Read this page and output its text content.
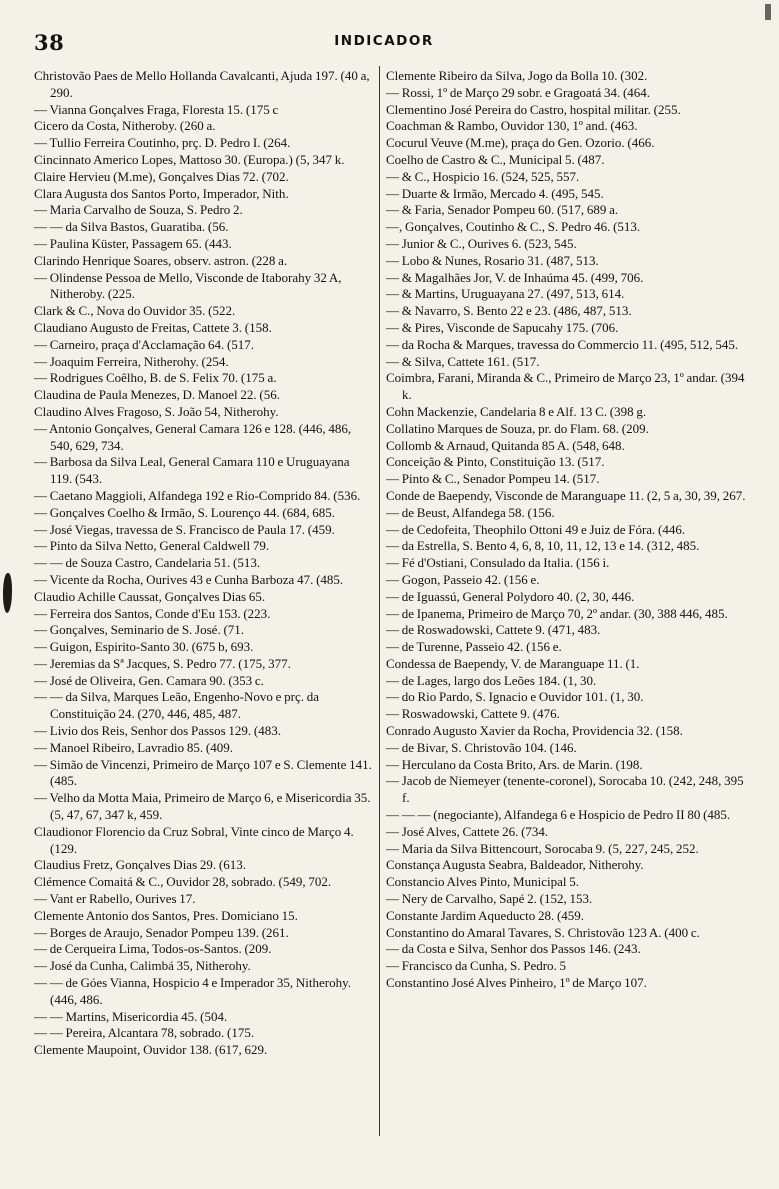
38	INDICADOR

Christovão Paes de Mello Hollanda Cavalcanti, Ajuda 197. (40 a, 290.

— Vianna Gonçalves Fraga, Floresta 15. (175 c

Cicero da Costa, Nitheroby. (260 a.

— Tullio Ferreira Coutinho, prç. D. Pedro I. (264.

Cincinnato Americo Lopes, Mattoso 30. (Europa.) (5, 347 k.

Claire Hervieu (M.me), Gonçalves Dias 72. (702.

Clara Augusta dos Santos Porto, Imperador, Nith.

— Maria Carvalho de Souza, S. Pedro 2.

— — da Silva Bastos, Guaratiba. (56.

— Paulina Küster, Passagem 65. (443.

Clarindo Henrique Soares, observ. astron. (228 a.

— Olindense Pessoa de Mello, Visconde de Itaborahy 32 A, Nitheroby. (225.

Clark & C., Nova do Ouvidor 35. (522.

Claudiano Augusto de Freitas, Cattete 3. (158.

— Carneiro, praça d'Acclamação 64. (517.

— Joaquim Ferreira, Nitherohy. (254.

— Rodrigues Coêlho, B. de S. Felix 70. (175 a.

Claudina de Paula Menezes, D. Manoel 22. (56.

Claudino Alves Fragoso, S. João 54, Nitherohy.

— Antonio Gonçalves, General Camara 126 e 128. (446, 486, 540, 629, 734.

— Barbosa da Silva Leal, General Camara 110 e Uruguayana 119. (543.

— Caetano Maggioli, Alfandega 192 e Rio-Comprido 84. (536.

— Gonçalves Coelho & Irmão, S. Lourenço 44. (684, 685.

— José Viegas, travessa de S. Francisco de Paula 17. (459.

— Pinto da Silva Netto, General Caldwell 79.

— — de Souza Castro, Candelaria 51. (513.

— Vicente da Rocha, Ourives 43 e Cunha Barboza 47. (485.

Claudio Achille Caussat, Gonçalves Dias 65.

— Ferreira dos Santos, Conde d'Eu 153. (223.

— Gonçalves, Seminario de S. José. (71.

— Guigon, Espirito-Santo 30. (675 b, 693.

— Jeremias da Sª Jacques, S. Pedro 77. (175, 377.

— José de Oliveira, Gen. Camara 90. (353 c.

— — da Silva, Marques Leão, Engenho-Novo e prç. da Constituição 24. (270, 446, 485, 487.

— Livio dos Reis, Senhor dos Passos 129. (483.

— Manoel Ribeiro, Lavradio 85. (409.

— Simão de Vincenzi, Primeiro de Março 107 e S. Clemente 141. (485.

— Velho da Motta Maia, Primeiro de Março 6, e Misericordia 35. (5, 47, 67, 347 k, 459.

Claudionor Florencio da Cruz Sobral, Vinte cinco de Março 4. (129.

Claudius Fretz, Gonçalves Dias 29. (613.

Clémence Comaitá & C., Ouvidor 28, sobrado. (549, 702.

— Vant er Rabello, Ourives 17.

Clemente Antonio dos Santos, Pres. Domiciano 15.

— Borges de Araujo, Senador Pompeu 139. (261.

— de Cerqueira Lima, Todos-os-Santos. (209.

— José da Cunha, Calimbá 35, Nitherohy.

— — de Góes Vianna, Hospicio 4 e Imperador 35, Nitherohy. (446, 486.

— — Martins, Misericordia 45. (504.

— — Pereira, Alcantara 78, sobrado. (175.

Clemente Maupoint, Ouvidor 138. (617, 629.

Clemente Ribeiro da Silva, Jogo da Bolla 10. (302.

— Rossi, 1º de Março 29 sobr. e Gragoatá 34. (464.

Clementino José Pereira do Castro, hospital militar. (255.

Coachman & Rambo, Ouvidor 130, 1º and. (463.

Cocurul Veuve (M.me), praça do Gen. Ozorio. (466.

Coelho de Castro & C., Municipal 5. (487.

— & C., Hospicio 16. (524, 525, 557.

— Duarte & Irmão, Mercado 4. (495, 545.

— & Faria, Senador Pompeu 60. (517, 689 a.

—, Gonçalves, Coutinho & C., S. Pedro 46. (513.

— Junior & C., Ourives 6. (523, 545.

— Lobo & Nunes, Rosario 31. (487, 513.

— & Magalhães Jor, V. de Inhaúma 45. (499, 706.

— & Martins, Uruguayana 27. (497, 513, 614.

— & Navarro, S. Bento 22 e 23. (486, 487, 513.

— & Pires, Visconde de Sapucahy 175. (706.

— da Rocha & Marques, travessa do Commercio 11. (495, 512, 545.

— & Silva, Cattete 161. (517.

Coimbra, Farani, Miranda & C., Primeiro de Março 23, 1º andar. (394 k.

Cohn Mackenzie, Candelaria 8 e Alf. 13 C. (398 g.

Collatino Marques de Souza, pr. do Flam. 68. (209.

Collomb & Arnaud, Quitanda 85 A. (548, 648.

Conceição & Pinto, Constituição 13. (517.

— Pinto & C., Senador Pompeu 14. (517.

Conde de Baependy, Visconde de Maranguape 11. (2, 5 a, 30, 39, 267.

— de Beust, Alfandega 58. (156.

— de Cedofeita, Theophilo Ottoni 49 e Juiz de Fóra. (446.

— da Estrella, S. Bento 4, 6, 8, 10, 11, 12, 13 e 14. (312, 485.

— Fé d'Ostiani, Consulado da Italia. (156 i.

— Gogon, Passeio 42. (156 e.

— de Iguassú, General Polydoro 40. (2, 30, 446.

— de Ipanema, Primeiro de Março 70, 2º andar. (30, 388 446, 485.

— de Roswadowski, Cattete 9. (471, 483.

— de Turenne, Passeio 42. (156 e.

Condessa de Baependy, V. de Maranguape 11. (1.

— de Lages, largo dos Leões 184. (1, 30.

— do Rio Pardo, S. Ignacio e Ouvidor 101. (1, 30.

— Roswadowski, Cattete 9. (476.

Conrado Augusto Xavier da Rocha, Providencia 32. (158.

— de Bivar, S. Christovão 104. (146.

— Herculano da Costa Brito, Ars. de Marin. (198.

— Jacob de Niemeyer (tenente-coronel), Sorocaba 10. (242, 248, 395 f.

— — — (negociante), Alfandega 6 e Hospicio de Pedro II 80 (485.

— José Alves, Cattete 26. (734.

— Maria da Silva Bittencourt, Sorocaba 9. (5, 227, 245, 252.

Constança Augusta Seabra, Baldeador, Nitherohy.

Constancio Alves Pinto, Municipal 5.

— Nery de Carvalho, Sapé 2. (152, 153.

Constante Jardim Aqueducto 28. (459.

Constantino do Amaral Tavares, S. Christovão 123 A. (400 c.

— da Costa e Silva, Senhor dos Passos 146. (243.

— Francisco da Cunha, S. Pedro. 5

Constantino José Alves Pinheiro, 1º de Março 107.
